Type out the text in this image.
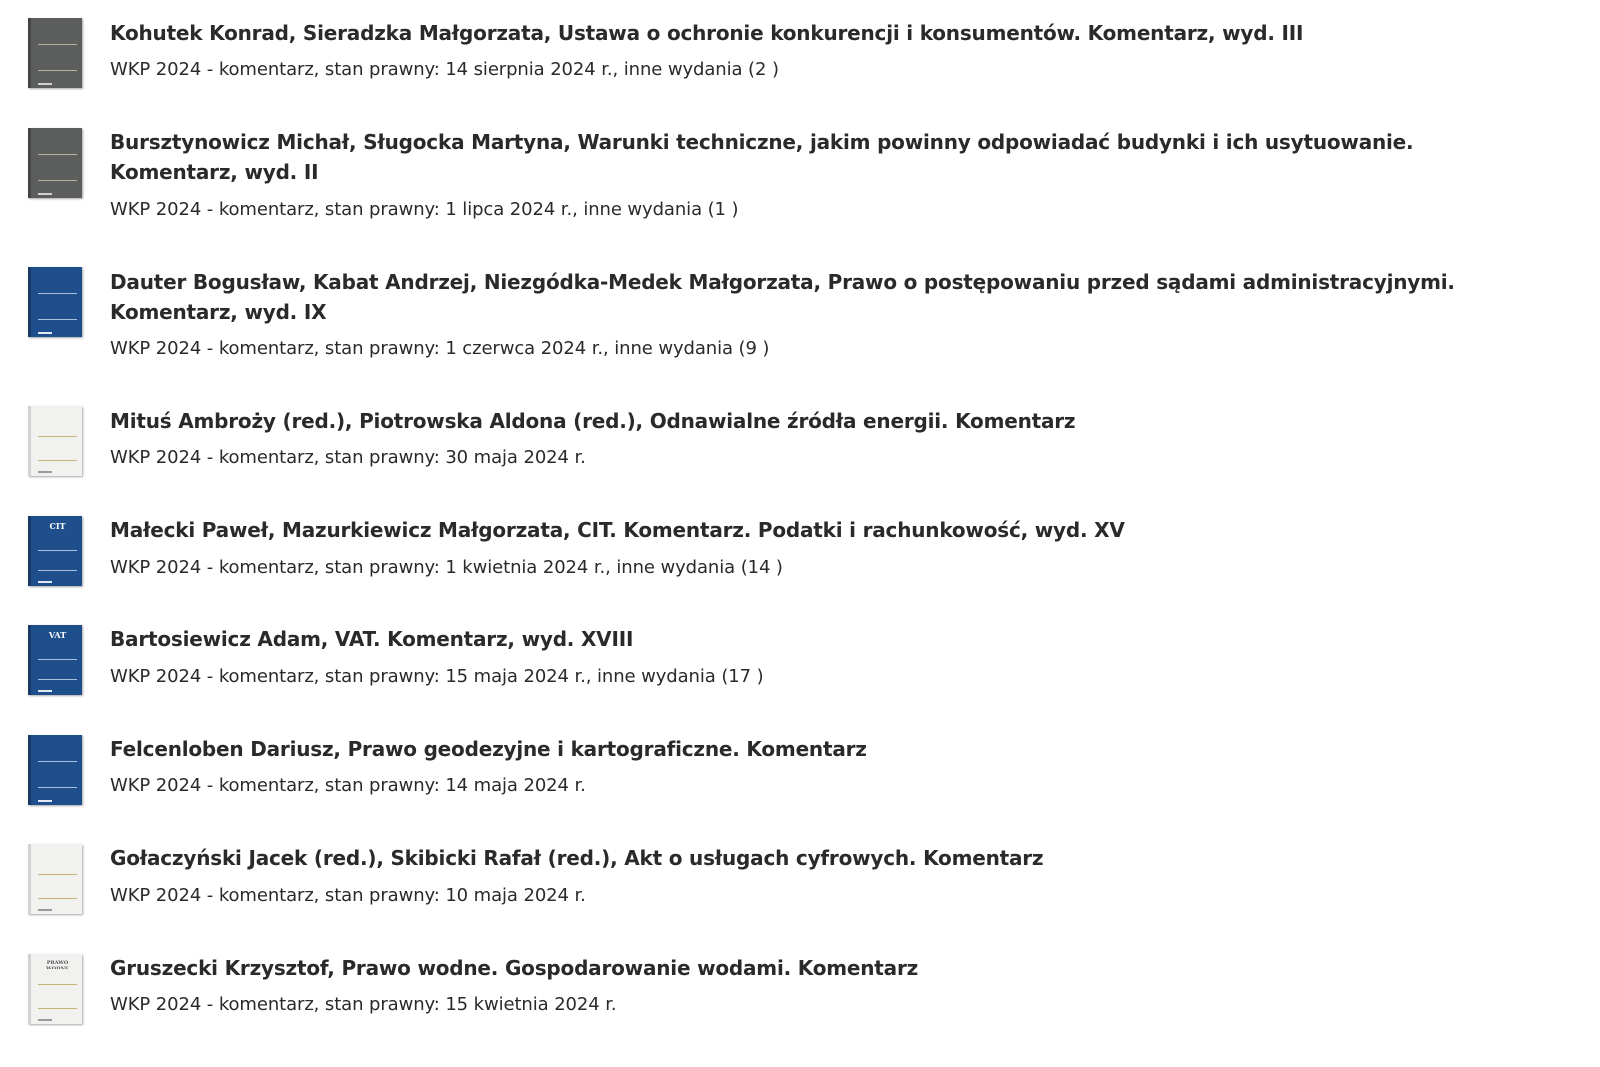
Kohutek Konrad, Sieradzka Małgorzata, Ustawa o ochronie konkurencji i konsumentów. Komentarz, wyd. III

WKP 2024 - komentarz, stan prawny: 14 sierpnia 2024 r., inne wydania (2 )

Bursztynowicz Michał, Sługocka Martyna, Warunki techniczne, jakim powinny odpowiadać budynki i ich usytuowanie. Komentarz, wyd. II

WKP 2024 - komentarz, stan prawny: 1 lipca 2024 r., inne wydania (1 )

Dauter Bogusław, Kabat Andrzej, Niezgódka-Medek Małgorzata, Prawo o postępowaniu przed sądami administracyjnymi. Komentarz, wyd. IX

WKP 2024 - komentarz, stan prawny: 1 czerwca 2024 r., inne wydania (9 )

Mituś Ambroży (red.), Piotrowska Aldona (red.), Odnawialne źródła energii. Komentarz

WKP 2024 - komentarz, stan prawny: 30 maja 2024 r.

CIT	Małecki Paweł, Mazurkiewicz Małgorzata, CIT. Komentarz. Podatki i rachunkowość, wyd. XV

WKP 2024 - komentarz, stan prawny: 1 kwietnia 2024 r., inne wydania (14 )

VAT	Bartosiewicz Adam, VAT. Komentarz, wyd. XVIII

WKP 2024 - komentarz, stan prawny: 15 maja 2024 r., inne wydania (17 )

Felcenloben Dariusz, Prawo geodezyjne i kartograficzne. Komentarz

WKP 2024 - komentarz, stan prawny: 14 maja 2024 r.

Gołaczyński Jacek (red.), Skibicki Rafał (red.), Akt o usługach cyfrowych. Komentarz

WKP 2024 - komentarz, stan prawny: 10 maja 2024 r.

PRAWO WODNE	Gruszecki Krzysztof, Prawo wodne. Gospodarowanie wodami. Komentarz

WKP 2024 - komentarz, stan prawny: 15 kwietnia 2024 r.
